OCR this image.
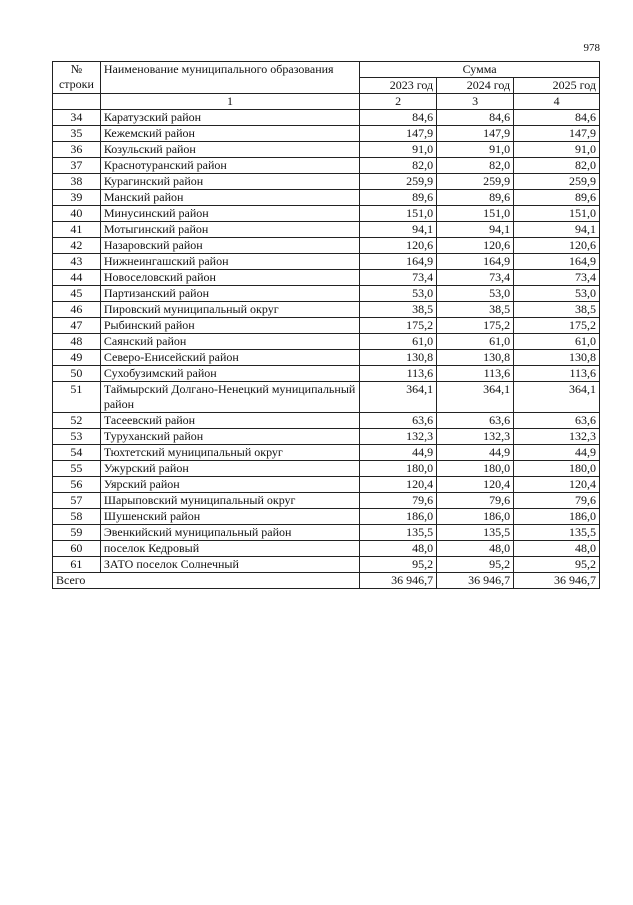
978
№
строки	Наименование муниципального образования	Сумма		
		2023 год	2024 год	2025 год
	1	2	3	4
34	Каратузский район	84,6	84,6	84,6
35	Кежемский район	147,9	147,9	147,9
36	Козульский район	91,0	91,0	91,0
37	Краснотуранский район	82,0	82,0	82,0
38	Курагинский район	259,9	259,9	259,9
39	Манский район	89,6	89,6	89,6
40	Минусинский район	151,0	151,0	151,0
41	Мотыгинский район	94,1	94,1	94,1
42	Назаровский район	120,6	120,6	120,6
43	Нижнеингашский район	164,9	164,9	164,9
44	Новоселовский район	73,4	73,4	73,4
45	Партизанский район	53,0	53,0	53,0
46	Пировский муниципальный округ	38,5	38,5	38,5
47	Рыбинский район	175,2	175,2	175,2
48	Саянский район	61,0	61,0	61,0
49	Северо-Енисейский район	130,8	130,8	130,8
50	Сухобузимский район	113,6	113,6	113,6
51	Таймырский Долгано-Ненецкий муниципальный район	364,1	364,1	364,1
52	Тасеевский район	63,6	63,6	63,6
53	Туруханский район	132,3	132,3	132,3
54	Тюхтетский муниципальный округ	44,9	44,9	44,9
55	Ужурский район	180,0	180,0	180,0
56	Уярский район	120,4	120,4	120,4
57	Шарыповский муниципальный округ	79,6	79,6	79,6
58	Шушенский район	186,0	186,0	186,0
59	Эвенкийский муниципальный район	135,5	135,5	135,5
60	поселок Кедровый	48,0	48,0	48,0
61	ЗАТО поселок Солнечный	95,2	95,2	95,2
Всего		36 946,7	36 946,7	36 946,7
